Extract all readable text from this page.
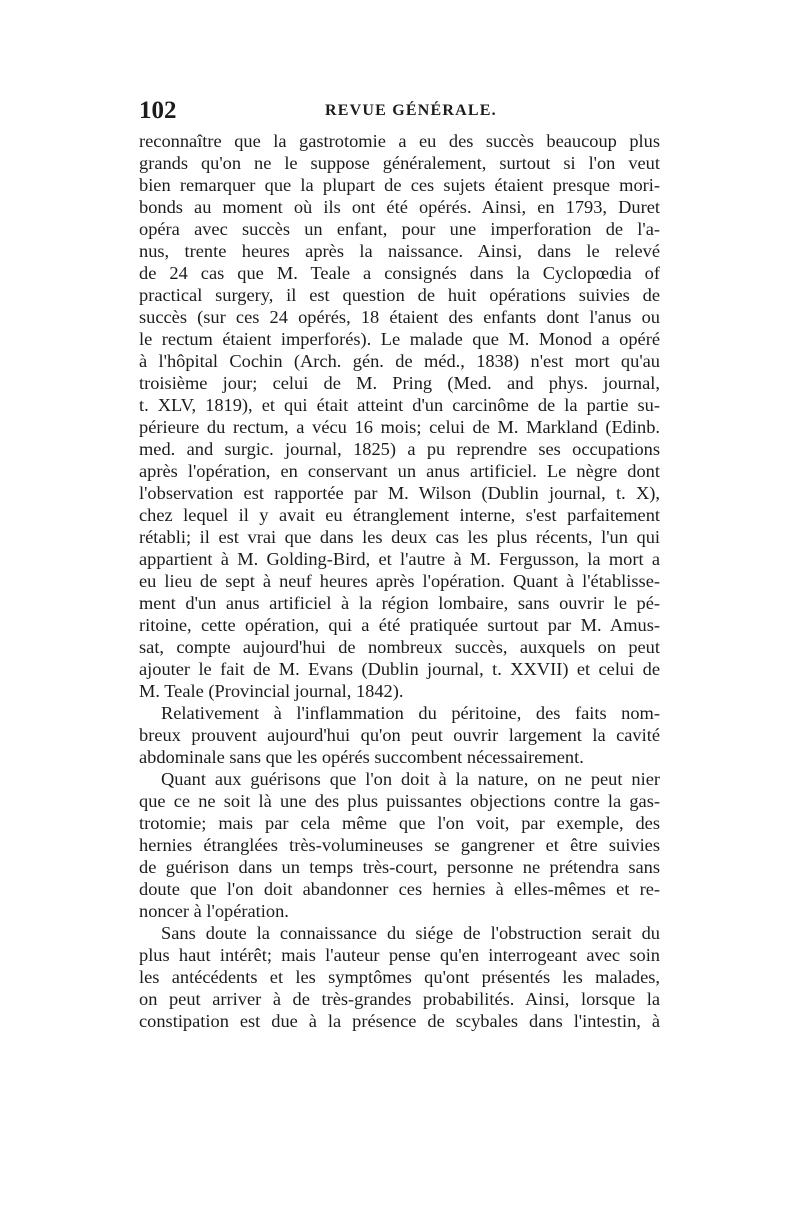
102	REVUE GÉNÉRALE.
reconnaître que la gastrotomie a eu des succès beaucoup plus
grands qu'on ne le suppose généralement, surtout si l'on veut
bien remarquer que la plupart de ces sujets étaient presque mori-
bonds au moment où ils ont été opérés. Ainsi, en 1793, Duret
opéra avec succès un enfant, pour une imperforation de l'a-
nus, trente heures après la naissance. Ainsi, dans le relevé
de 24 cas que M. Teale a consignés dans la Cyclopœdia of
practical surgery, il est question de huit opérations suivies de
succès (sur ces 24 opérés, 18 étaient des enfants dont l'anus ou
le rectum étaient imperforés). Le malade que M. Monod a opéré
à l'hôpital Cochin (Arch. gén. de méd., 1838) n'est mort qu'au
troisième jour; celui de M. Pring (Med. and phys. journal,
t. XLV, 1819), et qui était atteint d'un carcinôme de la partie su-
périeure du rectum, a vécu 16 mois; celui de M. Markland (Edinb.
med. and surgic. journal, 1825) a pu reprendre ses occupations
après l'opération, en conservant un anus artificiel. Le nègre dont
l'observation est rapportée par M. Wilson (Dublin journal, t. X),
chez lequel il y avait eu étranglement interne, s'est parfaitement
rétabli; il est vrai que dans les deux cas les plus récents, l'un qui
appartient à M. Golding-Bird, et l'autre à M. Fergusson, la mort a
eu lieu de sept à neuf heures après l'opération. Quant à l'établisse-
ment d'un anus artificiel à la région lombaire, sans ouvrir le pé-
ritoine, cette opération, qui a été pratiquée surtout par M. Amus-
sat, compte aujourd'hui de nombreux succès, auxquels on peut
ajouter le fait de M. Evans (Dublin journal, t. XXVII) et celui de
M. Teale (Provincial journal, 1842).
Relativement à l'inflammation du péritoine, des faits nom-
breux prouvent aujourd'hui qu'on peut ouvrir largement la cavité
abdominale sans que les opérés succombent nécessairement.
Quant aux guérisons que l'on doit à la nature, on ne peut nier
que ce ne soit là une des plus puissantes objections contre la gas-
trotomie; mais par cela même que l'on voit, par exemple, des
hernies étranglées très-volumineuses se gangrener et être suivies
de guérison dans un temps très-court, personne ne prétendra sans
doute que l'on doit abandonner ces hernies à elles-mêmes et re-
noncer à l'opération.
Sans doute la connaissance du siége de l'obstruction serait du
plus haut intérêt; mais l'auteur pense qu'en interrogeant avec soin
les antécédents et les symptômes qu'ont présentés les malades,
on peut arriver à de très-grandes probabilités. Ainsi, lorsque la
constipation est due à la présence de scybales dans l'intestin, à
